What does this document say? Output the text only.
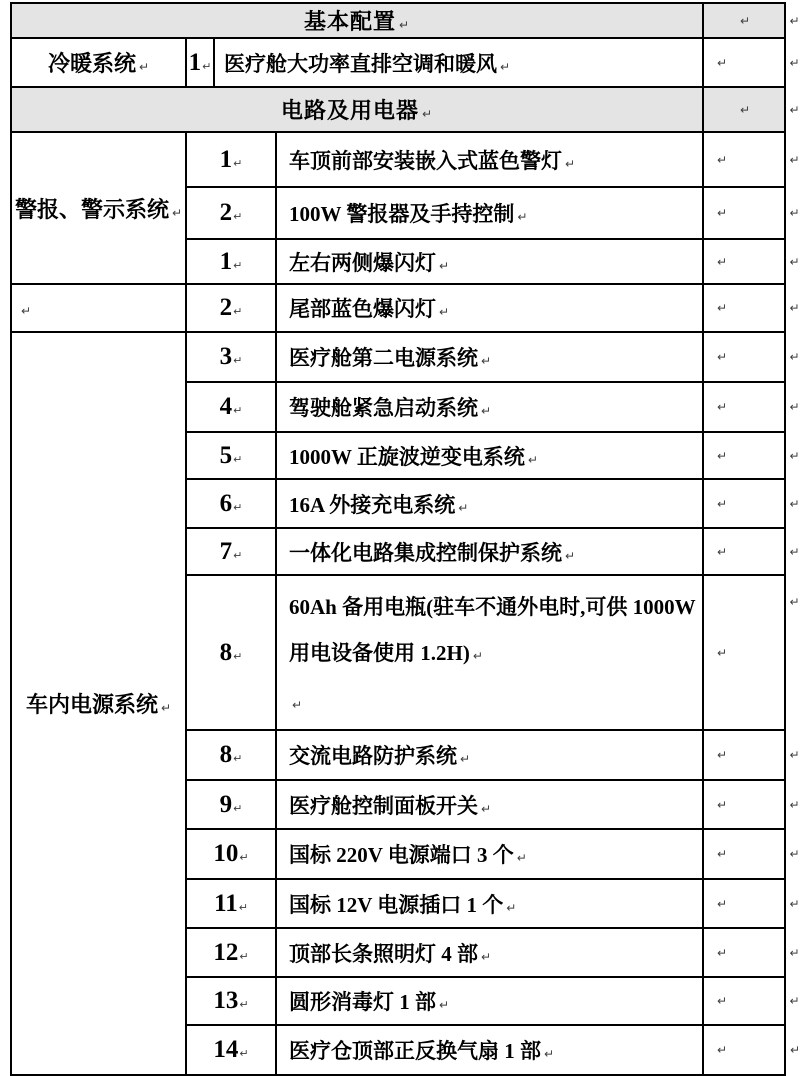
基本配置 ↵				↵	↵
冷暖系统 ↵	1↵	医疗舱大功率直排空调和暖风 ↵		↵	↵
电路及用电器 ↵				↵	↵
警报、警示系统 ↵	1↵		车顶前部安装嵌入式蓝色警灯 ↵	↵	↵
	2↵		100W 警报器及手持控制 ↵	↵	↵
	1↵		左右两侧爆闪灯 ↵	↵	↵
↵	2↵		尾部蓝色爆闪灯 ↵	↵	↵
车内电源系统 ↵	3↵		医疗舱第二电源系统 ↵	↵	↵
	4↵		驾驶舱紧急启动系统 ↵	↵	↵
	5↵		1000W 正旋波逆变电系统 ↵	↵	↵
	6↵		16A 外接充电系统 ↵	↵	↵
	7↵		一体化电路集成控制保护系统 ↵	↵	↵
	8↵		60Ah 备用电瓶(驻车不通外电时,可供 1000W 用电设备使用 1.2H) ↵
↵	↵	↵
	8↵		交流电路防护系统 ↵	↵	↵
	9↵		医疗舱控制面板开关 ↵	↵	↵
	10↵		国标 220V 电源端口 3 个 ↵	↵	↵
	11↵		国标 12V 电源插口 1 个 ↵	↵	↵
	12↵		顶部长条照明灯 4 部 ↵	↵	↵
	13↵		圆形消毒灯 1 部 ↵	↵	↵
	14↵		医疗仓顶部正反换气扇 1 部 ↵	↵	↵
